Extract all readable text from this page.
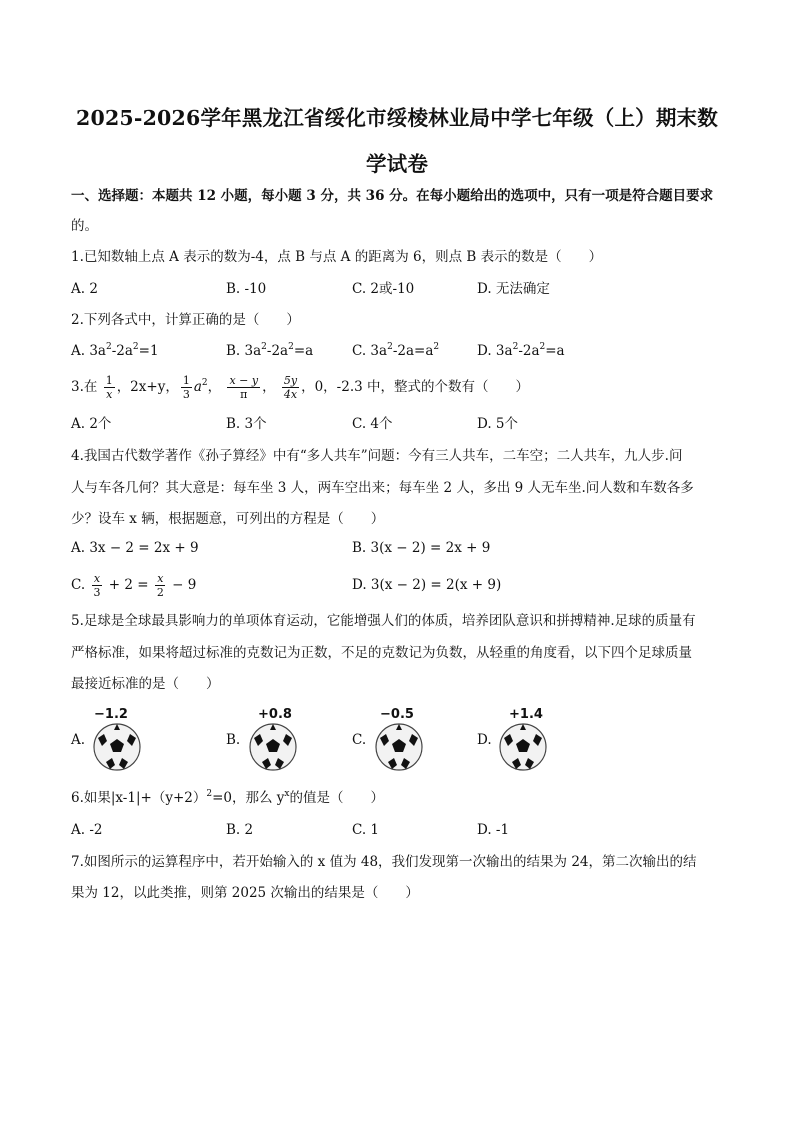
2025-2026学年黑龙江省绥化市绥棱林业局中学七年级（上）期末数
学试卷
一、选择题：本题共 12 小题，每小题 3 分，共 36 分。在每小题给出的选项中，只有一项是符合题目要求
的。
1.已知数轴上点 A 表示的数为-4，点 B 与点 A 的距离为 6，则点 B 表示的数是（　　）
A. 2	B. -10	C. 2或-10	D. 无法确定
2.下列各式中，计算正确的是（　　）
A. $3a^2-2a^2=1$	B. $3a^2-2a^2=a$	C. $3a^2-2a=a^2$	D. $3a^2-2a^2=a$
3.在 $\frac{1}{x}$ ，2x+y， $\frac{1}{3} a^2$， $\frac{x - y}{\pi}$ ， $\frac{5y}{4x}$ ，0，-2.3 中，整式的个数有（　　）
A. 2个	B. 3个	C. 4个	D. 5个
4.我国古代数学著作《孙子算经》中有“多人共车”问题：今有三人共车，二车空；二人共车，九人步.问
人与车各几何？其大意是：每车坐 3 人，两车空出来；每车坐 2 人，多出 9 人无车坐.问人数和车数各多
少？设车 x 辆，根据题意，可列出的方程是（　　）
A. 3x − 2 = 2x + 9	B. 3(x − 2) = 2x + 9
C. $\frac{x}{3} + 2 = \frac{x}{2} - 9$	D. 3(x − 2) = 2(x + 9)
5.足球是全球最具影响力的单项体育运动，它能增强人们的体质，培养团队意识和拼搏精神.足球的质量有
严格标准，如果将超过标准的克数记为正数，不足的克数记为负数，从轻重的角度看，以下四个足球质量
最接近标准的是（　　）
A.
−1.2
B.
+0.8
C.
−0.5
D.
+1.4
6.如果$|x-1|+(y+2)^2=0$，那么 $y^x$的值是（　　）
A. -2	B. 2	C. 1	D. -1
7.如图所示的运算程序中，若开始输入的 x 值为 48，我们发现第一次输出的结果为 24，第二次输出的结
果为 12，以此类推，则第 2025 次输出的结果是（　　）
